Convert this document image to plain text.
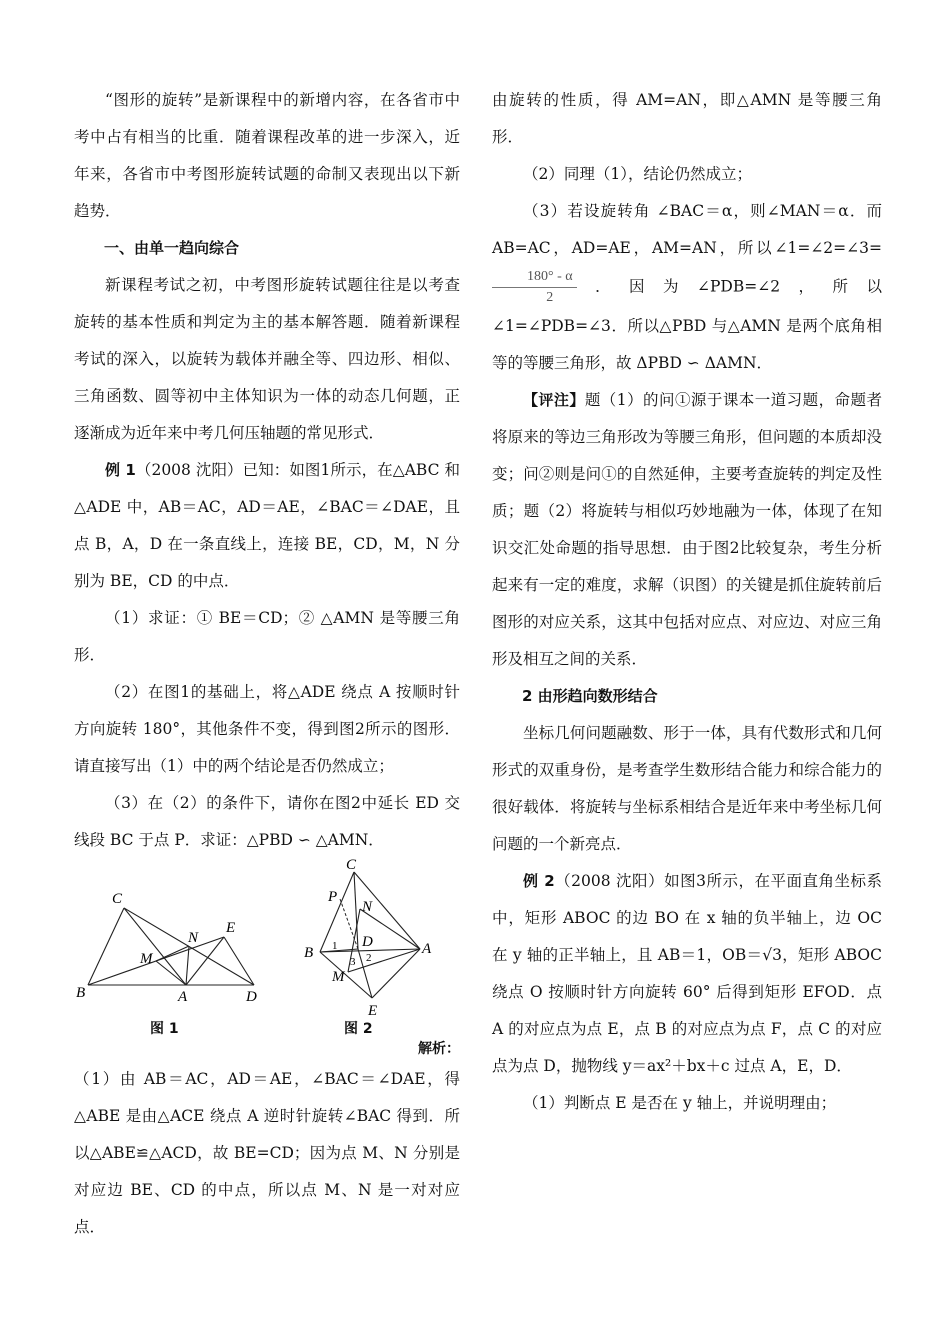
“图形的旋转”是新课程中的新增内容，在各省市中考中占有相当的比重．随着课程改革的进一步深入，近年来，各省市中考图形旋转试题的命制又表现出以下新趋势．

一、由单一趋向综合

新课程考试之初，中考图形旋转试题往往是以考查旋转的基本性质和判定为主的基本解答题．随着新课程考试的深入，以旋转为载体并融全等、四边形、相似、三角函数、圆等初中主体知识为一体的动态几何题，正逐渐成为近年来中考几何压轴题的常见形式．

例 1（2008 沈阳）已知：如图1所示，在△ABC 和 △ADE 中，AB＝AC，AD＝AE，∠BAC＝∠DAE，且点 B，A，D 在一条直线上，连接 BE，CD，M，N 分别为 BE，CD 的中点．

（1）求证：① BE＝CD；② △AMN 是等腰三角形．

（2）在图1的基础上，将△ADE 绕点 A 按顺时针方向旋转 180°，其他条件不变，得到图2所示的图形．请直接写出（1）中的两个结论是否仍然成立；

（3）在（2）的条件下，请你在图2中延长 ED 交线段 BC 于点 P．求证：△PBD ∽ △AMN．

C
N
E
M
B	A	D
C
P
N
B 1 D	A
3 2
M
E
图 1	图 2

解析：

（1）由 AB＝AC，AD＝AE，∠BAC＝∠DAE，得△ABE 是由△ACE 绕点 A 逆时针旋转∠BAC 得到．所以△ABE≌△ACD，故 BE=CD；因为点 M、N 分别是对应边 BE、CD 的中点，所以点 M、N 是一对对应点．

由旋转的性质，得 AM=AN，即△AMN 是等腰三角形．

（2）同理（1），结论仍然成立；

（3）若设旋转角 ∠BAC＝α，则∠MAN＝α．而 AB=AC，AD=AE，AM=AN，所以∠1=∠2=∠3=
$\frac{180^\circ - \alpha}{2}$ ．因为∠PDB=∠2，所以∠1=∠PDB=∠3．所以△PBD 与△AMN 是两个底角相等的等腰三角形，故 ΔPBD ∽ ΔAMN．

【评注】题（1）的问①源于课本一道习题，命题者将原来的等边三角形改为等腰三角形，但问题的本质却没变；问②则是问①的自然延伸，主要考查旋转的判定及性质；题（2）将旋转与相似巧妙地融为一体，体现了在知识交汇处命题的指导思想．由于图2比较复杂，考生分析起来有一定的难度，求解（识图）的关键是抓住旋转前后图形的对应关系，这其中包括对应点、对应边、对应三角形及相互之间的关系．

2 由形趋向数形结合

坐标几何问题融数、形于一体，具有代数形式和几何形式的双重身份，是考查学生数形结合能力和综合能力的很好载体．将旋转与坐标系相结合是近年来中考坐标几何问题的一个新亮点．

例 2（2008 沈阳）如图3所示，在平面直角坐标系中，矩形 ABOC 的边 BO 在 x 轴的负半轴上，边 OC 在 y 轴的正半轴上，且 AB＝1，OB＝√3，矩形 ABOC 绕点 O 按顺时针方向旋转 60° 后得到矩形 EFOD．点 A 的对应点为点 E，点 B 的对应点为点 F，点 C 的对应点为点 D，抛物线 y＝ax²＋bx＋c 过点 A，E，D．

（1）判断点 E 是否在 y 轴上，并说明理由；
